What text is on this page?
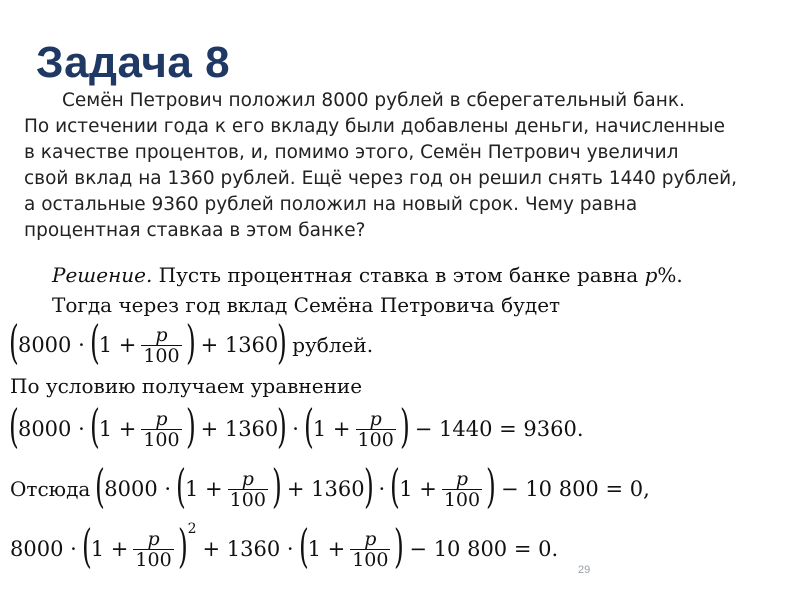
Задача 8
Семён Петрович положил 8000 рублей в сберегательный банк.
По истечении года к его вкладу были добавлены деньги, начисленные
в качестве процентов, и, помимо этого, Семён Петрович увеличил
свой вклад на 1360 рублей. Ещё через год он решил снять 1440 рублей,
а остальные 9360 рублей положил на новый срок. Чему равна
процентная ставкаа в этом банке?
Решение. Пусть процентная ставка в этом банке равна p%.
Тогда через год вклад Семёна Петровича будет
( 8000 · ( $1 + \frac{p}{100}$ ) + 1360 ) рублей.
По условию получаем уравнение
( 8000 · ( $1 + \frac{p}{100}$ ) + 1360 ) · ( $1 + \frac{p}{100}$ ) − 1440 = 9360.
Отсюда ( 8000 · ( $1 + \frac{p}{100}$ ) + 1360 ) · ( $1 + \frac{p}{100}$ ) − 10 800 = 0,
8000 · ( $1 + \frac{p}{100}$ ) 2
+ 1360 · ( $1 + \frac{p}{100}$ ) − 10 800 = 0.
29
